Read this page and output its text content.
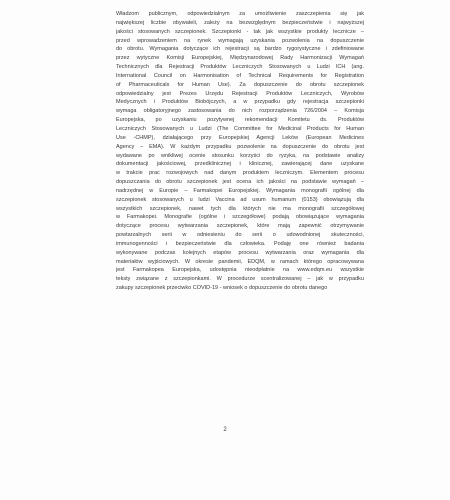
Władzom publicznym, odpowiedzialnym za umożliwienie zaszczepienia się jak
największej liczbie obywateli, zależy na bezwzględnym bezpieczeństwie i najwyższej
jakości stosowanych szczepionek. Szczepionki - tak jak wszystkie produkty lecznicze –
przed wprowadzeniem na rynek wymagają uzyskania pozwolenia na dopuszczenie
do obrotu. Wymagania dotyczące ich rejestracji są bardzo rygorystyczne i zdefiniowane
przez wytyczne Komisji Europejskiej, Międzynarodowej Rady Harmonizacji Wymagań
Technicznych dla Rejestracji Produktów Leczniczych Stosowanych u Ludzi ICH (ang.
International Council on Harmonisation of Technical Requirements for Registration
of Pharmaceuticals for Human Use). Za dopuszczenie do obrotu szczepionek
odpowiedzialny jest Prezes Urzędu Rejestracji Produktów Leczniczych, Wyrobów
Medycznych i Produktów Biobójczych, a w przypadku gdy rejestracja szczepionki
wymaga obligatoryjnego zastosowania do nich rozporządzenia 726/2004 – Komisja
Europejska, po uzyskaniu pozytywnej rekomendacji Komitetu ds. Produktów
Leczniczych Stosowanych u Ludzi (The Committee for Medicinal Products for Human
Use -CHMP), działającego przy Europejskiej Agencji Leków (European Medicines
Agency – EMA). W każdym przypadku pozwolenie na dopuszczenie do obrotu jest
wydawane po wnikliwej ocenie stosunku korzyści do ryzyka, na podstawie analizy
dokumentacji jakościowej, przedklinicznej i klinicznej, zawierającej dane uzyskane
w trakcie prac rozwojowych nad danym produktem leczniczym. Elementem procesu
dopuszczania do obrotu szczepionek jest ocena ich jakości na podstawie wymagań –
nadrzędnej w Europie – Farmakopei Europejskiej. Wymagania monografii ogólnej dla
szczepionek stosowanych u ludzi Vaccina ad usum humanum (0153) obowiązują dla
wszystkich szczepionek, nawet tych dla których nie ma monografii szczegółowej
w Farmakopei. Monografie (ogólne i szczegółowe) podają obowiązujące wymagania
dotyczące procesu wytwarzania szczepionek, które mają zapewnić otrzymywanie
powtarzalnych serii w odniesieniu do serii o udowodnionej skuteczności,
immunogenności i bezpieczeństwie dla człowieka. Podaję one również badania
wykonywane podczas kolejnych etapów procesu wytwarzania oraz wymagania dla
materiałów wyjściowych. W okresie pandemii, EDQM, w ramach którego opracowywana
jest Farmakopea Europejska, udostępnia nieodpłatnie na www.edqm.eu wszystkie
teksty związane z szczepionkami. W procedurze scentralizowanej – jak w przypadku
zakupy szczepionek przeciwko COVID-19 - wniosek o dopuszczenie do obrotu danego
2
